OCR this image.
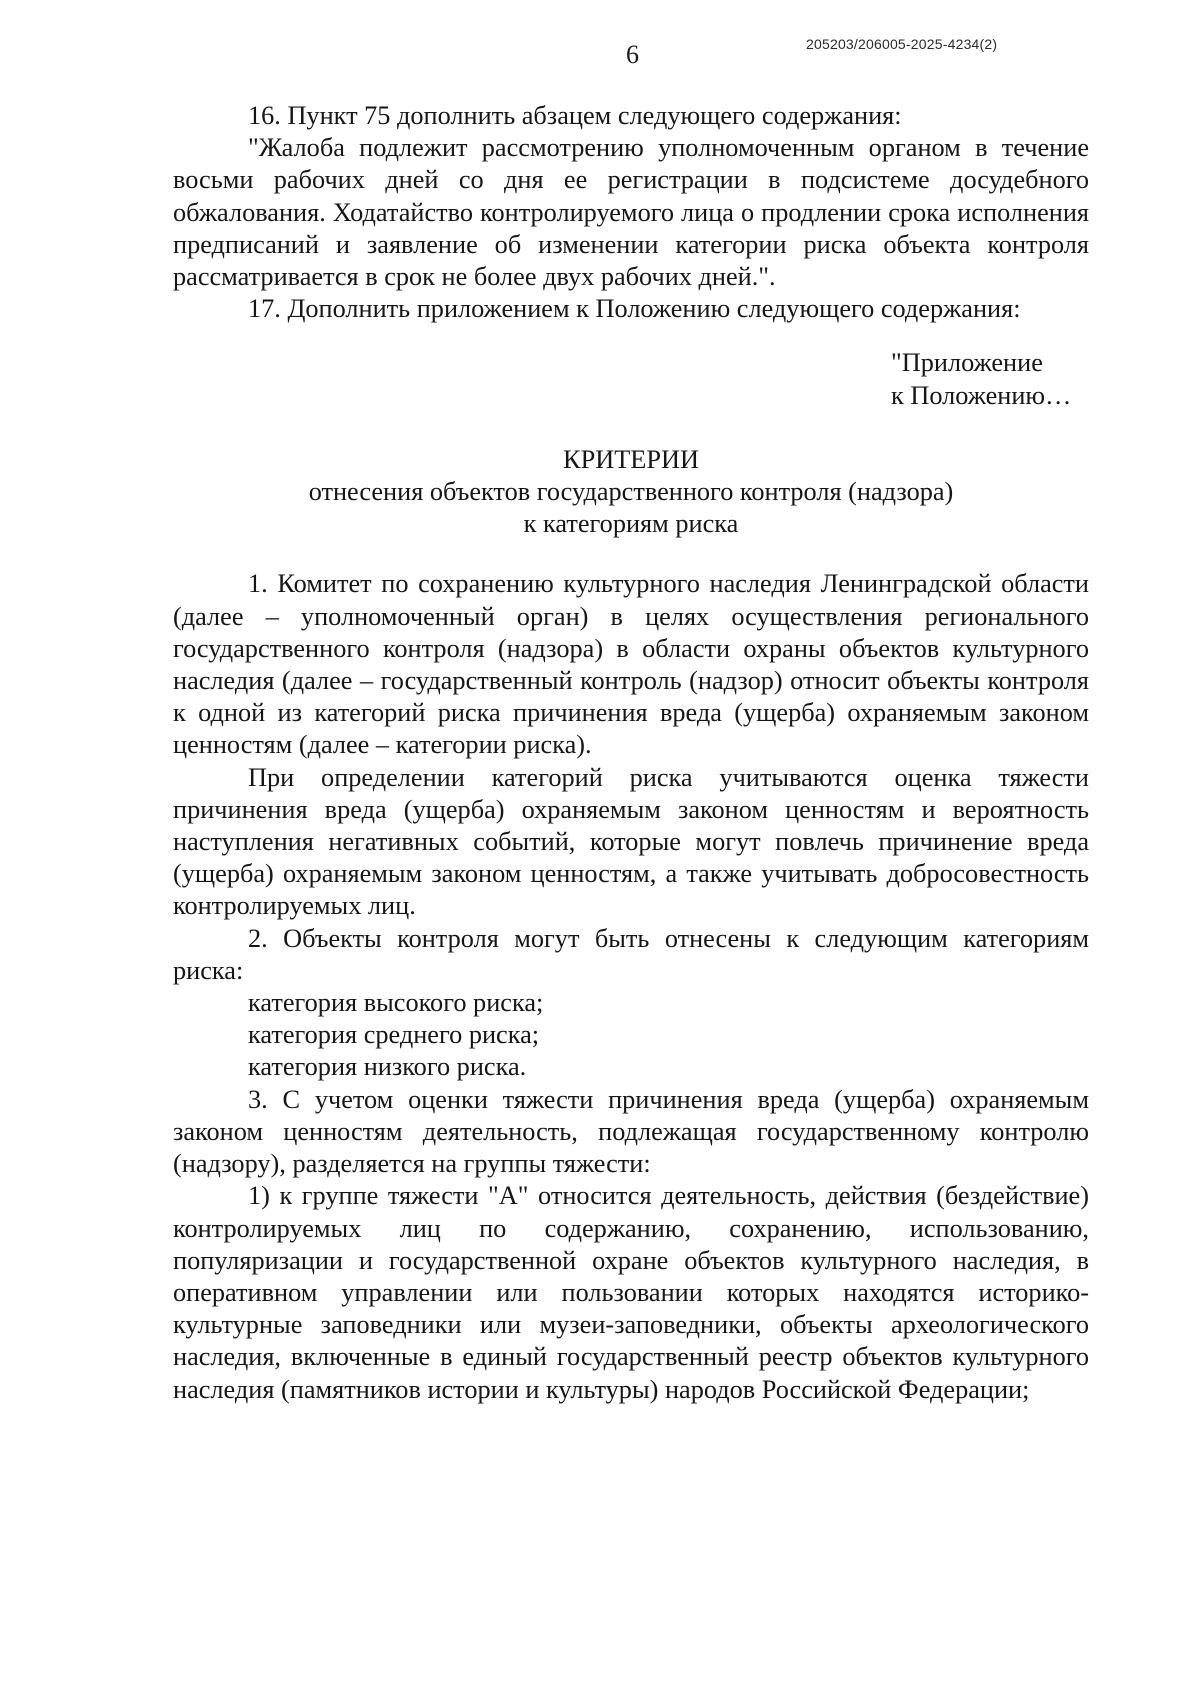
205203/206005-2025-4234(2)
6

16. Пункт 75 дополнить абзацем следующего содержания:

"Жалоба подлежит рассмотрению уполномоченным органом в течение восьми рабочих дней со дня ее регистрации в подсистеме досудебного обжалования. Ходатайство контролируемого лица о продлении срока исполнения предписаний и заявление об изменении категории риска объекта контроля рассматривается в срок не более двух рабочих дней.".

17. Дополнить приложением к Положению следующего содержания:

"Приложение

к Положению…

КРИТЕРИИ

отнесения объектов государственного контроля (надзора)

к категориям риска

1. Комитет по сохранению культурного наследия Ленинградской области (далее – уполномоченный орган) в целях осуществления регионального государственного контроля (надзора) в области охраны объектов культурного наследия (далее – государственный контроль (надзор) относит объекты контроля к одной из категорий риска причинения вреда (ущерба) охраняемым законом ценностям (далее – категории риска).

При определении категорий риска учитываются оценка тяжести причинения вреда (ущерба) охраняемым законом ценностям и вероятность наступления негативных событий, которые могут повлечь причинение вреда (ущерба) охраняемым законом ценностям, а также учитывать добросовестность контролируемых лиц.

2. Объекты контроля могут быть отнесены к следующим категориям риска:

категория высокого риска;

категория среднего риска;

категория низкого риска.

3. С учетом оценки тяжести причинения вреда (ущерба) охраняемым законом ценностям деятельность, подлежащая государственному контролю (надзору), разделяется на группы тяжести:

1) к группе тяжести "А" относится деятельность, действия (бездействие) контролируемых лиц по содержанию, сохранению, использованию, популяризации и государственной охране объектов культурного наследия, в оперативном управлении или пользовании которых находятся историко-культурные заповедники или музеи-заповедники, объекты археологического наследия, включенные в единый государственный реестр объектов культурного наследия (памятников истории и культуры) народов Российской Федерации;
